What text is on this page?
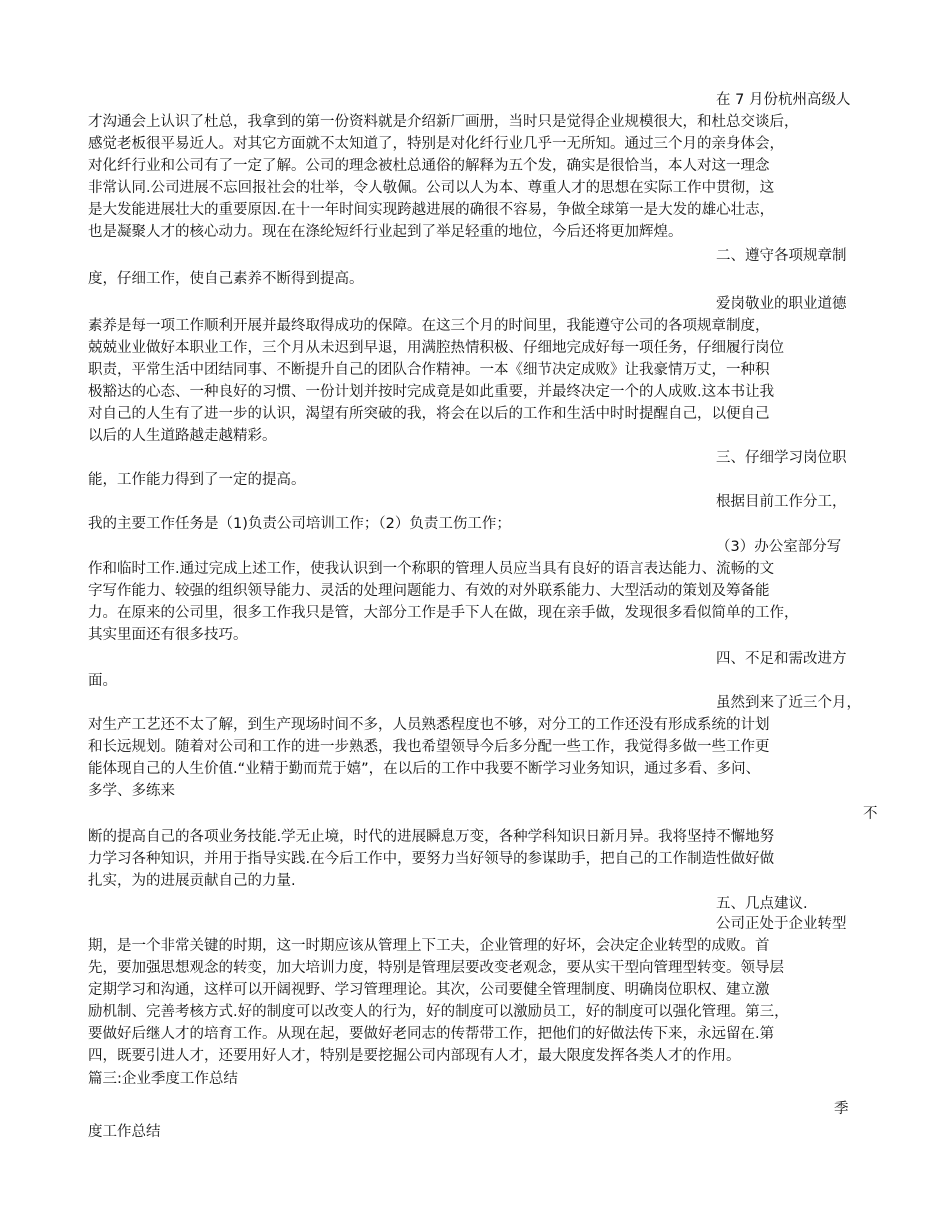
在 7 月份杭州高级人
才沟通会上认识了杜总，我拿到的第一份资料就是介绍新厂画册，当时只是觉得企业规模很大，和杜总交谈后，
感觉老板很平易近人。对其它方面就不太知道了，特别是对化纤行业几乎一无所知。通过三个月的亲身体会，
对化纤行业和公司有了一定了解。公司的理念被杜总通俗的解释为五个发，确实是很恰当，本人对这一理念
非常认同.公司进展不忘回报社会的壮举，令人敬佩。公司以人为本、尊重人才的思想在实际工作中贯彻，这
是大发能进展壮大的重要原因.在十一年时间实现跨越进展的确很不容易，争做全球第一是大发的雄心壮志，
也是凝聚人才的核心动力。现在在涤纶短纤行业起到了举足轻重的地位，今后还将更加辉煌。
二、遵守各项规章制
度，仔细工作，使自己素养不断得到提高。
爱岗敬业的职业道德
素养是每一项工作顺利开展并最终取得成功的保障。在这三个月的时间里，我能遵守公司的各项规章制度，
兢兢业业做好本职业工作，三个月从未迟到早退，用满腔热情积极、仔细地完成好每一项任务，仔细履行岗位
职责，平常生活中团结同事、不断提升自己的团队合作精神。一本《细节决定成败》让我豪情万丈，一种积
极豁达的心态、一种良好的习惯、一份计划并按时完成竟是如此重要，并最终决定一个的人成败.这本书让我
对自己的人生有了进一步的认识，渴望有所突破的我，将会在以后的工作和生活中时时提醒自己，以便自己
以后的人生道路越走越精彩。
三、仔细学习岗位职
能，工作能力得到了一定的提高。
根据目前工作分工，
我的主要工作任务是（1)负责公司培训工作；（2）负责工伤工作；
（3）办公室部分写
作和临时工作.通过完成上述工作，使我认识到一个称职的管理人员应当具有良好的语言表达能力、流畅的文
字写作能力、较强的组织领导能力、灵活的处理问题能力、有效的对外联系能力、大型活动的策划及筹备能
力。在原来的公司里，很多工作我只是管，大部分工作是手下人在做，现在亲手做，发现很多看似简单的工作，
其实里面还有很多技巧。
四、不足和需改进方
面。
虽然到来了近三个月，
对生产工艺还不太了解，到生产现场时间不多，人员熟悉程度也不够，对分工的工作还没有形成系统的计划
和长远规划。随着对公司和工作的进一步熟悉，我也希望领导今后多分配一些工作，我觉得多做一些工作更
能体现自己的人生价值.“业精于勤而荒于嬉”，在以后的工作中我要不断学习业务知识，通过多看、多问、
多学、多练来
不
断的提高自己的各项业务技能.学无止境，时代的进展瞬息万变，各种学科知识日新月异。我将坚持不懈地努
力学习各种知识，并用于指导实践.在今后工作中，要努力当好领导的参谋助手，把自己的工作制造性做好做
扎实，为的进展贡献自己的力量.
五、几点建议.
公司正处于企业转型
期，是一个非常关键的时期，这一时期应该从管理上下工夫，企业管理的好坏，会决定企业转型的成败。首
先，要加强思想观念的转变，加大培训力度，特别是管理层要改变老观念，要从实干型向管理型转变。领导层
定期学习和沟通，这样可以开阔视野、学习管理理论。其次，公司要健全管理制度、明确岗位职权、建立激
励机制、完善考核方式.好的制度可以改变人的行为，好的制度可以激励员工，好的制度可以强化管理。第三，
要做好后继人才的培育工作。从现在起，要做好老同志的传帮带工作，把他们的好做法传下来，永远留在.第
四，既要引进人才，还要用好人才，特别是要挖掘公司内部现有人才，最大限度发挥各类人才的作用。
篇三:企业季度工作总结
季
度工作总结
